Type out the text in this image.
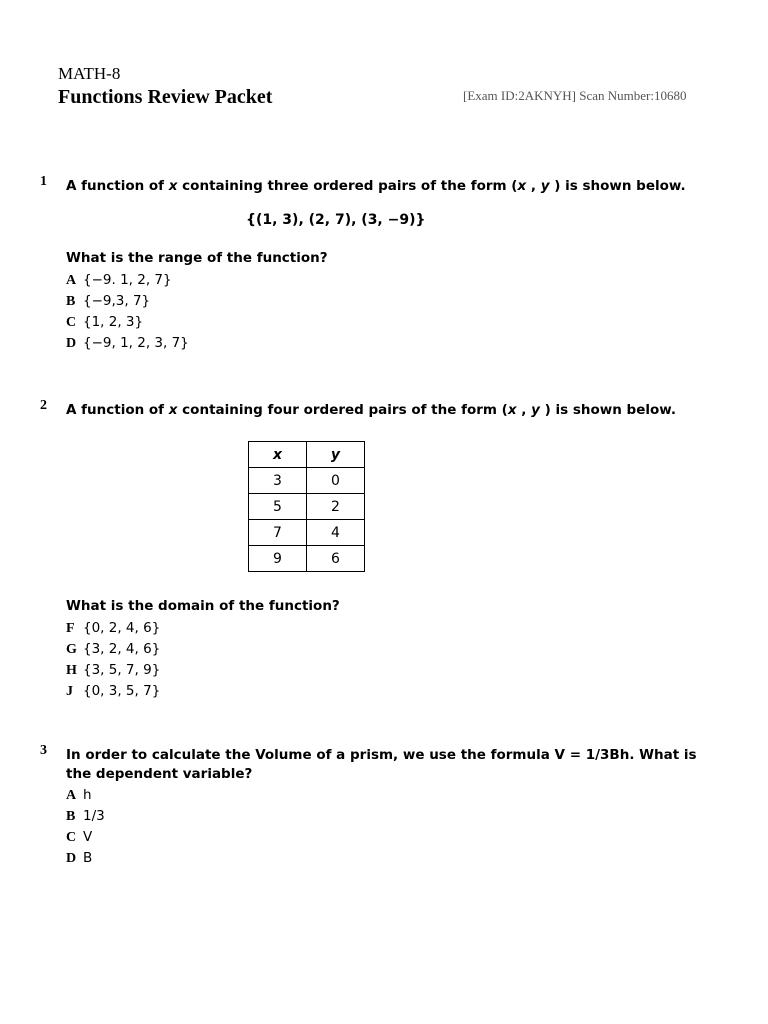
MATH-8
Functions Review Packet	[Exam ID:2AKNYH] Scan Number:10680
1 A function of x containing three ordered pairs of the form (x , y ) is shown below.
{(1, 3), (2, 7), (3, −9)}
What is the range of the function?
A {−9. 1, 2, 7}
B {−9,3, 7}
C {1, 2, 3}
D {−9, 1, 2, 3, 7}
2 A function of x containing four ordered pairs of the form (x , y ) is shown below.
x	y
3	0
5	2
7	4
9	6
What is the domain of the function?
F {0, 2, 4, 6}
G {3, 2, 4, 6}
H {3, 5, 7, 9}
J {0, 3, 5, 7}
3 In order to calculate the Volume of a prism, we use the formula V = 1/3Bh. What is
the dependent variable?
A h
B 1/3
C V
D B
